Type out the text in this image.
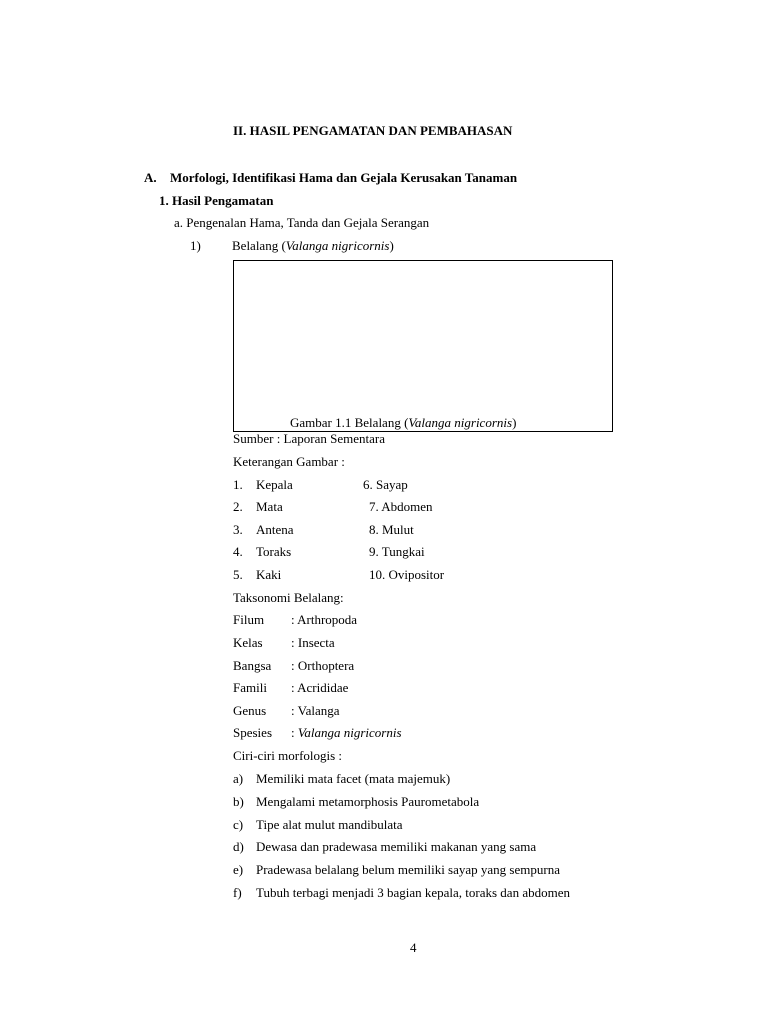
II. HASIL PENGAMATAN DAN PEMBAHASAN
A. Morfologi, Identifikasi Hama dan Gejala Kerusakan Tanaman
1. Hasil Pengamatan
a. Pengenalan Hama, Tanda dan Gejala Serangan
1) Belalang (Valanga nigricornis)
Gambar 1.1 Belalang (Valanga nigricornis)
Sumber : Laporan Sementara
Keterangan Gambar :
1. Kepala	6. Sayap
2. Mata	7. Abdomen
3. Antena	8. Mulut
4. Toraks	9. Tungkai
5. Kaki	10. Ovipositor
Taksonomi Belalang:
Filum : Arthropoda
Kelas : Insecta
Bangsa : Orthoptera
Famili : Acrididae
Genus : Valanga
Spesies : Valanga nigricornis
Ciri-ciri morfologis :
a) Memiliki mata facet (mata majemuk)
b) Mengalami metamorphosis Paurometabola
c) Tipe alat mulut mandibulata
d) Dewasa dan pradewasa memiliki makanan yang sama
e) Pradewasa belalang belum memiliki sayap yang sempurna
f) Tubuh terbagi menjadi 3 bagian kepala, toraks dan abdomen
4
